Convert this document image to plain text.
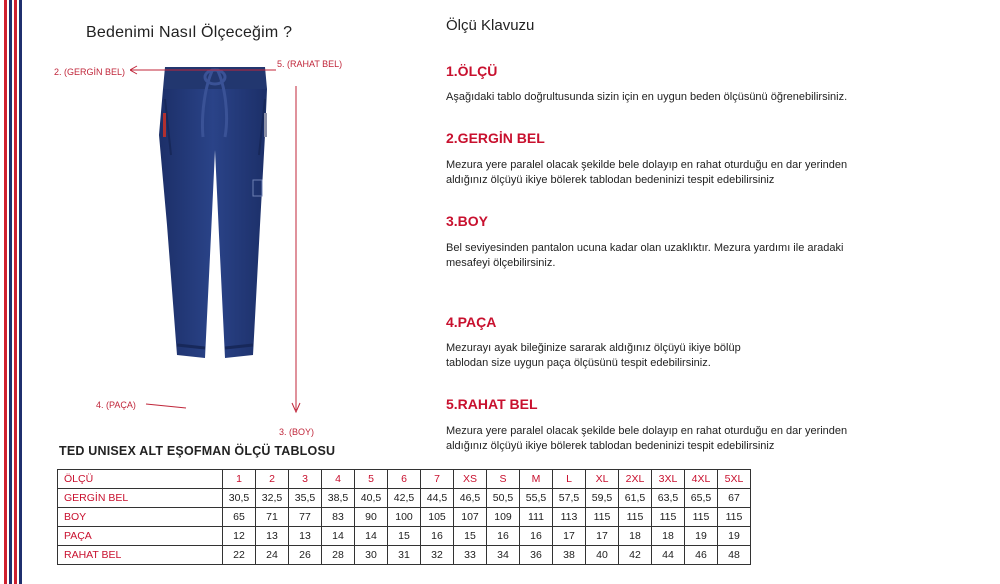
Bedenimi Nasıl Ölçeceğim ?
2. (GERGİN BEL)
5. (RAHAT BEL)
4. (PAÇA)
3. (BOY)
Ölçü Klavuzu
1.ÖLÇÜ
Aşağıdaki tablo doğrultusunda sizin için en uygun beden ölçüsünü öğrenebilirsiniz.
2.GERGİN BEL
Mezura yere paralel olacak şekilde bele dolayıp en rahat oturduğu en dar yerinden
aldığınız ölçüyü ikiye bölerek tablodan bedeninizi tespit edebilirsiniz
3.BOY
Bel seviyesinden pantalon ucuna kadar olan uzaklıktır. Mezura yardımı ile aradaki
mesafeyi ölçebilirsiniz.
4.PAÇA
Mezurayı ayak bileğinize sararak aldığınız ölçüyü ikiye bölüp
tablodan size uygun paça ölçüsünü tespit edebilirsiniz.
5.RAHAT BEL
Mezura yere paralel olacak şekilde bele dolayıp en rahat oturduğu en dar yerinden
aldığınız ölçüyü ikiye bölerek tablodan bedeninizi tespit edebilirsiniz
TED UNISEX ALT EŞOFMAN ÖLÇÜ TABLOSU
ÖLÇÜ	1	2	3	4	5	6	7	XS	S	M	L	XL	2XL	3XL	4XL	5XL
GERGİN BEL	30,5	32,5	35,5	38,5	40,5	42,5	44,5	46,5	50,5	55,5	57,5	59,5	61,5	63,5	65,5	67
BOY	65	71	77	83	90	100	105	107	109	111	113	115	115	115	115	115
PAÇA	12	13	13	14	14	15	16	15	16	16	17	17	18	18	19	19
RAHAT BEL	22	24	26	28	30	31	32	33	34	36	38	40	42	44	46	48
